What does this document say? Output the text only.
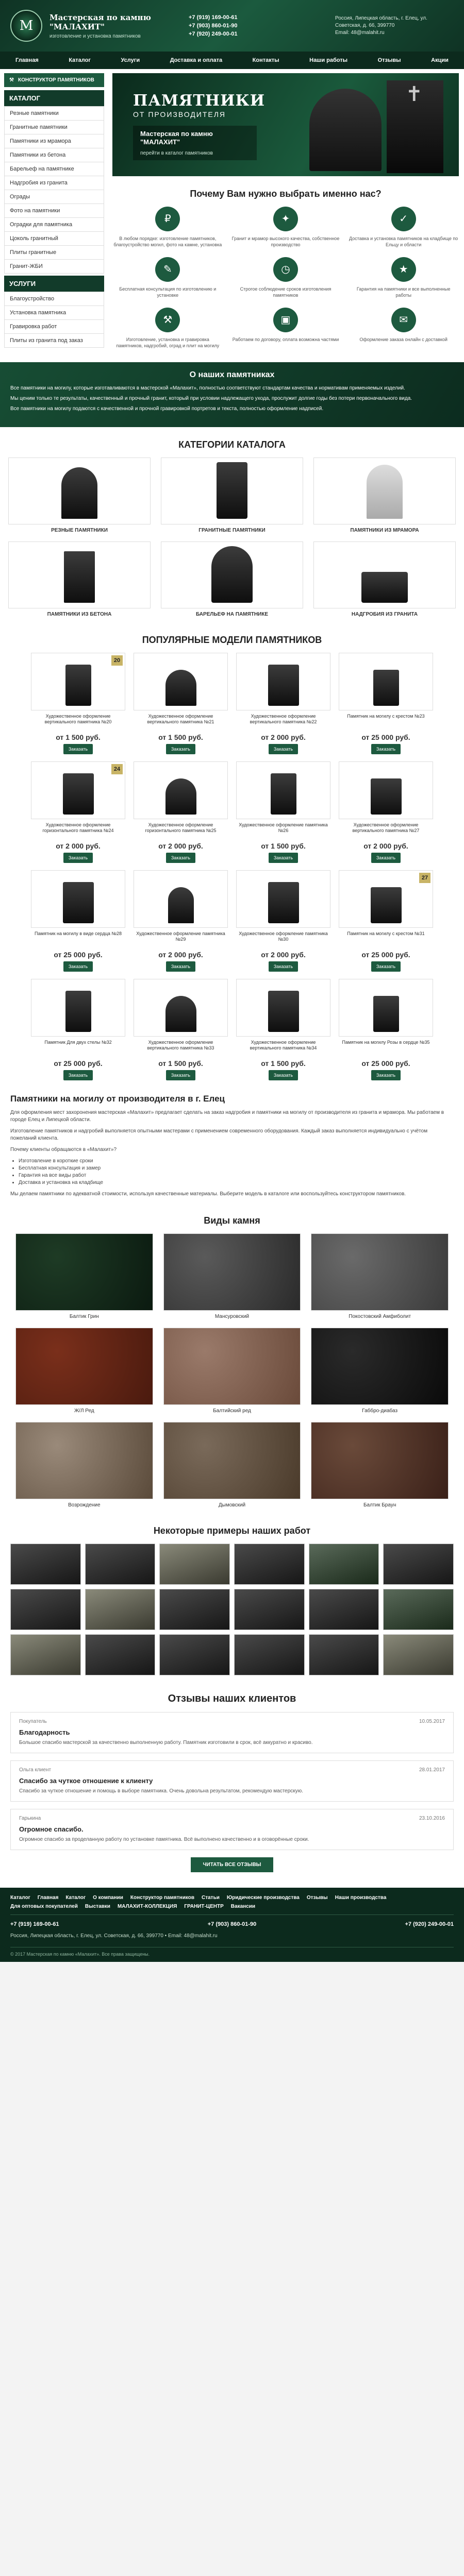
М
Мастерская по камню "МАЛАХИТ"
изготовление и установка памятников
+7 (919) 169-00-61
+7 (903) 860-01-90
+7 (920) 249-00-01
Россия, Липецкая область, г. Елец, ул. Советская, д. 66, 399770
Email: 48@malahit.ru
Главная	Каталог	Услуги	Доставка и оплата	Контакты	Наши работы	Отзывы	Акции
⚒ КОНСТРУКТОР ПАМЯТНИКОВ
КАТАЛОГ
Резные памятники
Гранитные памятники
Памятники из мрамора
Памятники из бетона
Барельеф на памятнике
Надгробия из гранита
Ограды
Фото на памятники
Оградки для памятника
Цоколь гранитный
Плиты гранитные
Гранит-ЖБИ
УСЛУГИ
Благоустройство
Установка памятника
Гравировка работ
Плиты из гранита под заказ
ПАМЯТНИКИ
ОТ ПРОИЗВОДИТЕЛЯ
Мастерская по камню "МАЛАХИТ"
перейти в каталог памятников
✝
Почему Вам нужно выбрать именно нас?
₽
В любом порядке: изготовление памятников, благоустройство могил, фото на камне, установка
✦
Гранит и мрамор высокого качества, собственное производство
✓
Доставка и установка памятников на кладбище по Ельцу и области
✎
Бесплатная консультация по изготовлению и установке
◷
Строгое соблюдение сроков изготовления памятников
★
Гарантия на памятники и все выполненные работы
⚒
Изготовление, установка и гравировка памятников, надгробий, оград и плит на могилу
▣
Работаем по договору, оплата возможна частями
✉
Оформление заказа онлайн с доставкой
О наших памятниках

Все памятники на могилу, которые изготавливаются в мастерской «Малахит», полностью соответствуют стандартам качества и нормативам применяемых изделий.

Мы ценим только те результаты, качественный и прочный гранит, который при условии надлежащего ухода, прослужит долгие годы без потери первоначального вида.

Все памятники на могилу подаются с качественной и прочной гравировкой портретов и текста, полностью оформление надписей.

КАТЕГОРИИ КАТАЛОГА
РЕЗНЫЕ ПАМЯТНИКИ	ГРАНИТНЫЕ ПАМЯТНИКИ	ПАМЯТНИКИ ИЗ МРАМОРА
ПАМЯТНИКИ ИЗ БЕТОНА	БАРЕЛЬЕФ НА ПАМЯТНИКЕ	НАДГРОБИЯ ИЗ ГРАНИТА
ПОПУЛЯРНЫЕ МОДЕЛИ ПАМЯТНИКОВ
20
Художественное оформление вертикального памятника №20
от 1 500 руб.
Заказать
Художественное оформление вертикального памятника №21
от 1 500 руб.
Заказать
Художественное оформление вертикального памятника №22
от 2 000 руб.
Заказать
Памятник на могилу с крестом №23
от 25 000 руб.
Заказать
24
Художественное оформление горизонтального памятника №24
от 2 000 руб.
Заказать
Художественное оформление горизонтального памятника №25
от 2 000 руб.
Заказать
Художественное оформление памятника №26
от 1 500 руб.
Заказать
Художественное оформление вертикального памятника №27
от 2 000 руб.
Заказать
Памятник на могилу в виде сердца №28
от 25 000 руб.
Заказать
Художественное оформление памятника №29
от 2 000 руб.
Заказать
Художественное оформление памятника №30
от 2 000 руб.
Заказать
27
Памятник на могилу с крестом №31
от 25 000 руб.
Заказать
Памятник Для двух стелы №32
от 25 000 руб.
Заказать
Художественное оформление вертикального памятника №33
от 1 500 руб.
Заказать
Художественное оформление вертикального памятника №34
от 1 500 руб.
Заказать
Памятник на могилу Розы в сердце №35
от 25 000 руб.
Заказать
Памятники на могилу от производителя в г. Елец

Для оформления мест захоронения мастерская «Малахит» предлагает сделать на заказ надгробия и памятники на могилу от производителя из гранита и мрамора. Мы работаем в городе Елец и Липецкой области.

Изготовление памятников и надгробий выполняется опытными мастерами с применением современного оборудования. Каждый заказ выполняется индивидуально с учётом пожеланий клиента.

Почему клиенты обращаются в «Малахит»?

• Изготовление в короткие сроки
• Бесплатная консультация и замер
• Гарантия на все виды работ
• Доставка и установка на кладбище

Мы делаем памятники по адекватной стоимости, используя качественные материалы. Выберите модель в каталоге или воспользуйтесь конструктором памятников.

Виды камня
Балтик Грин	Мансуровский	Покостовский Амфиболит
Ж/Л Ред	Балтийский ред	Габбро-диабаз
Возрождение	Дымовский	Балтик Браун
Некоторые примеры наших работ
Отзывы наших клиентов
Покупатель	10.05.2017
Благодарность
Большое спасибо мастерской за качественно выполненную работу. Памятник изготовили в срок, всё аккуратно и красиво.
Ольга клиент	28.01.2017
Спасибо за чуткое отношение к клиенту
Спасибо за чуткое отношение и помощь в выборе памятника. Очень довольна результатом, рекомендую мастерскую.
Гарькина	23.10.2016
Огромное спасибо.
Огромное спасибо за проделанную работу по установке памятника. Всё выполнено качественно и в оговорённые сроки.
ЧИТАТЬ ВСЕ ОТЗЫВЫ
Каталог Главная Каталог О компании Конструктор памятников Статьи Юридические производства Отзывы Наши производства
Для оптовых покупателей Выставки МАЛАХИТ-КОЛЛЕКЦИЯ ГРАНИТ-ЦЕНТР Вакансии
+7 (919) 169-00-61	+7 (903) 860-01-90	+7 (920) 249-00-01
Россия, Липецкая область, г. Елец, ул. Советская, д. 66, 399770 • Email: 48@malahit.ru
© 2017 Мастерская по камню «Малахит». Все права защищены.
